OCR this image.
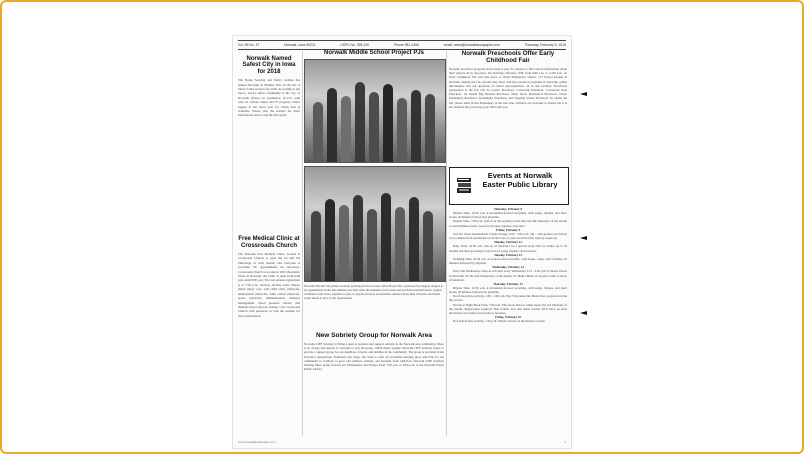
Vol. 59 No. 37	Norwalk, Iowa 50211	USPS No. 395-120	Phone 981-0406	email: news@norwalkiowapaper.com	Thursday, February 8, 2018
Norwalk Named Safest City in Iowa for 2018

The Home Security and Safety website has named Norwalk as Number One on the list of Safest Cities in Iowa for 2018. According to the report, Iowa's safest community is the city of Norwalk (based on population 10,171) with only 10 violent crimes and 97 property crimes logged in the latest year for which data is available. Please visit the website for more information and to read the full report.

Free Medical Clinic at Crossroads Church

The Norwalk Free Medical Clinic, located at Crossroads Church, is open the 1st and 3rd Thursdays of each month, and everyone is welcome. No appointments are necessary. Crossroads Church is located at 2601 Beardsley Street in Norwalk, the Clinic is open from 6:00 p.m. until 8:00 p.m. The last patient registration is at 7:30 p.m. Services include acute illness, minor injury care, well child visits, physicals, employment physicals, adult school physicals, sports physicals, immunizations, diabetes management, blood pressure checks, and diabetes blood glucose testing. Call Crossroads Church with questions or visit the website for more information.

Norwalk Middle School Project PJs
Norwalk 6th and 7th graders recently participated in an event called Project PJs, sponsored by Angels. Angels is an organization in the Des Moines area that visits the homeless each week and provides essential needs. Angels volunteers will collect pajamas to give to anyone in need, and students donated more than 100 pairs and made warm meals to give to the organization.
New Sobriety Group for Norwalk Area
Norwalk LIFE Sobriety is filling a need to promote and support sobriety in the Norwalk area community. There is no charge and anyone is welcome to join the group, which meets weekly. Norwalk LIFE Sobriety meets to provide a support group for our neighbors, friends, and families in the community. The group is provided in the Narcotics Anonymous Traditions and Steps. We want to offer an accessible meeting place and time for the community to continue to grow and embrace sobriety and freedom from addiction. Norwalk LIFE Sobriety meeting times going forward are Wednesdays and Fridays from 7:00 p.m. to 8:00 p.m. at the Norwalk Easter Public Library.
Norwalk Preschools Offer Early Childhood Fair
Norwalk preschool programs have made it easy for parents to find current information about their schools all in one place. On Saturday, February 10th, from 9:00 a.m. to 11:00 a.m., an Early Childhood Fair will take place at Oviatt Elementary School, 713 School Avenue in Norwalk. During the fair, parents may meet with the preschool programs in Norwalk, gather information, and ask questions of school representatives, all in one location. Preschools represented at the fair will be Carol's Preschool, Crosswalk Preschool, Crossroads Kids Preschool, Lil Hands Big Dreams Preschool, Main Street Montessori Preschool, Oviatt Elementary Preschool, Serendipity Preschool, and Stepping Stones Preschool. To attend the fair, please enter Oviatt Elementary at the east side. Children are welcome to attend, but it is not required that you bring your child with you.
Events at Norwalk Easter Public Library
Thursday, February 8
Rhyme Time, 10:30 a.m. A movement-focused storytime, with songs, rhymes, and short books, 20 minutes followed by playtime.
Pajama Time, 7:00 p.m. Join us in the evening on the 2nd and 4th Thursdays of the month to read bedtime stories. Great for all ages, pajamas welcome!
Friday, February 9
Just For Teens International Candy Tasting, 4:00 - 5:00 p.m. 5th - 12th graders are invited to try candies from around the world and vote on your favorites! (No sign-up required).
Monday, February 12
Baby Time, 10:30 a.m. Join us on Mondays for a special story time for babies up to 18 months and their grownups. Learn lots of songs, rhymes, and bounces!
Tuesday, February 13
Toddling Time, 10:30 a.m. A book-focused storytime, with books, songs, and activities, 25 minutes followed by playtime.
Wednesday, February 14
Early Out Wednesday. Drop in activities every Wednesday 2:15 - 4:00 p.m. If there's school in Norwalk! On the 2nd Wednesday of the month, it's Make! Make art projects with a variety of materials.
Thursday, February 15
Rhyme Time, 10:30 a.m. A movement-focused storytime, with songs, rhymes, and short books, 20 minutes followed by playtime.
Not-School Day Activity, 1:00 - 4:00 p.m. Play Wii games like Mario Kart, projected on the big screen!
Novels at Night Book Club, 7:00 p.m. This book club for adults meets the 3rd Thursday of the month. Registration required. This month, let's talk about books! We'll have an open discussion on recently read books or favorites.
Friday, February 16
Not-School Day Activity, 1:30 p.m. Watch a movie on the library's screen!
www.norwalkiowapaper.com	1
